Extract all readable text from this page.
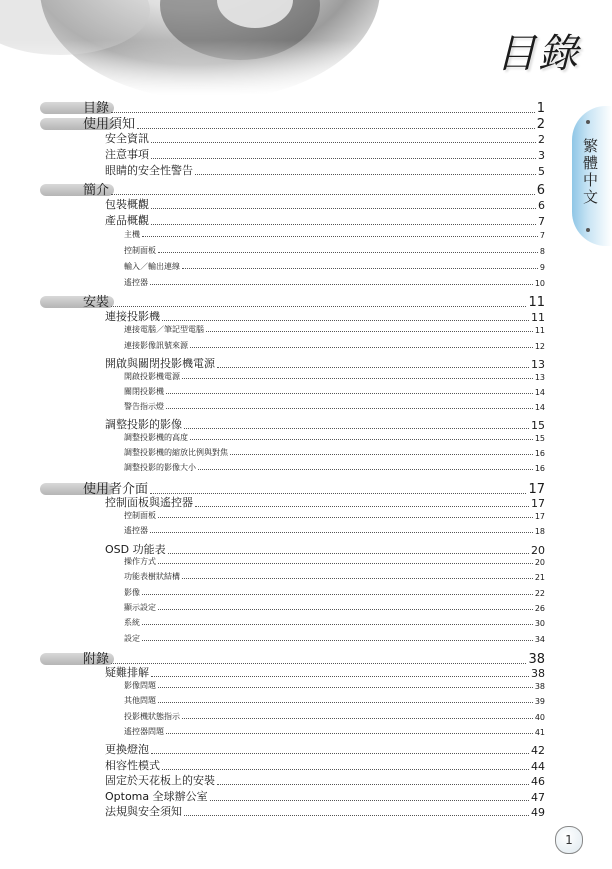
目錄
繁體中文
目錄	1
使用須知	2
安全資訊	2
注意事項	3
眼睛的安全性警告	5
簡介	6
包裝概觀	6
產品概觀	7
主機	7
控制面板	8
輸入／輸出連線	9
遙控器	10
安裝	11
連接投影機	11
連接電腦／筆記型電腦	11
連接影像訊號來源	12
開啟與關閉投影機電源	13
開啟投影機電源	13
關閉投影機	14
警告指示燈	14
調整投影的影像	15
調整投影機的高度	15
調整投影機的縮放比例與對焦	16
調整投影的影像大小	16
使用者介面	17
控制面板與遙控器	17
控制面板	17
遙控器	18
OSD 功能表	20
操作方式	20
功能表樹狀結構	21
影像	22
顯示設定	26
系統	30
設定	34
附錄	38
疑難排解	38
影像問題	38
其他問題	39
投影機狀態指示	40
遙控器問題	41
更換燈泡	42
相容性模式	44
固定於天花板上的安裝	46
Optoma 全球辦公室	47
法規與安全須知	49
1
